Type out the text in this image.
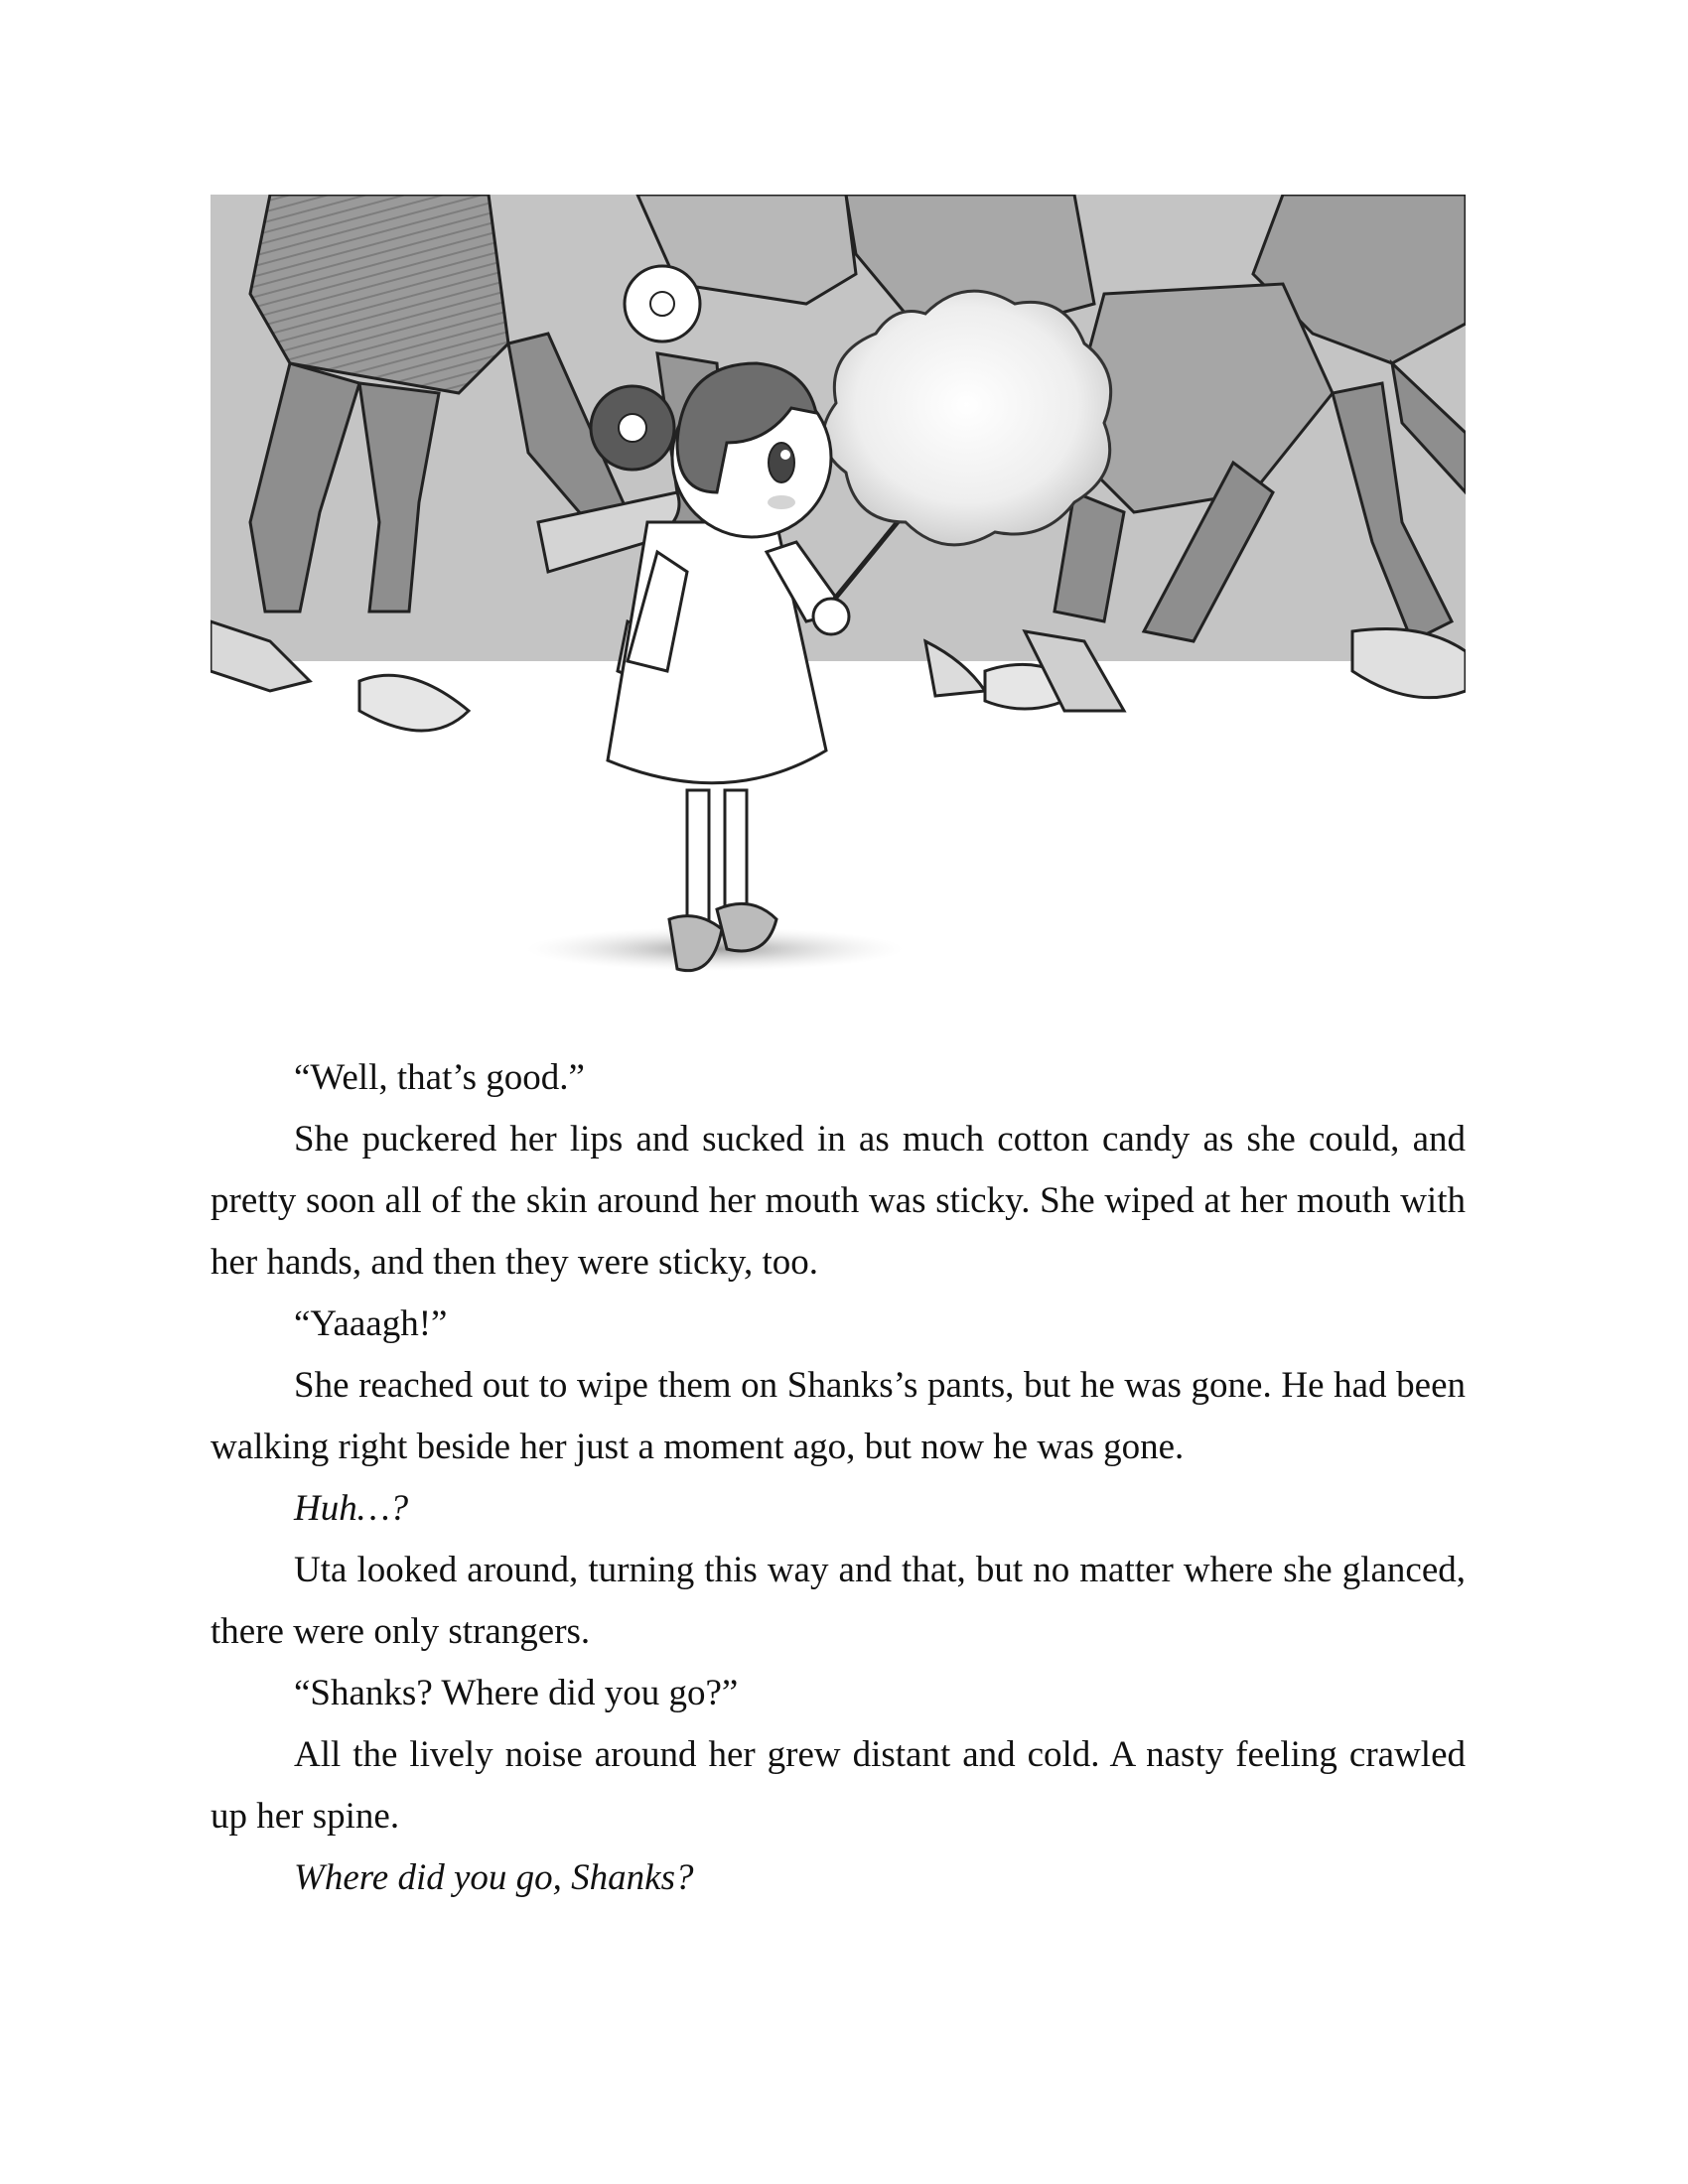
“Well, that’s good.”

She puckered her lips and sucked in as much cotton candy as she could, and pretty soon all of the skin around her mouth was sticky. She wiped at her mouth with her hands, and then they were sticky, too.

“Yaaagh!”

She reached out to wipe them on Shanks’s pants, but he was gone. He had been walking right beside her just a moment ago, but now he was gone.

Huh…?

Uta looked around, turning this way and that, but no matter where she glanced, there were only strangers.

“Shanks? Where did you go?”

All the lively noise around her grew distant and cold. A nasty feeling crawled up her spine.

Where did you go, Shanks?
